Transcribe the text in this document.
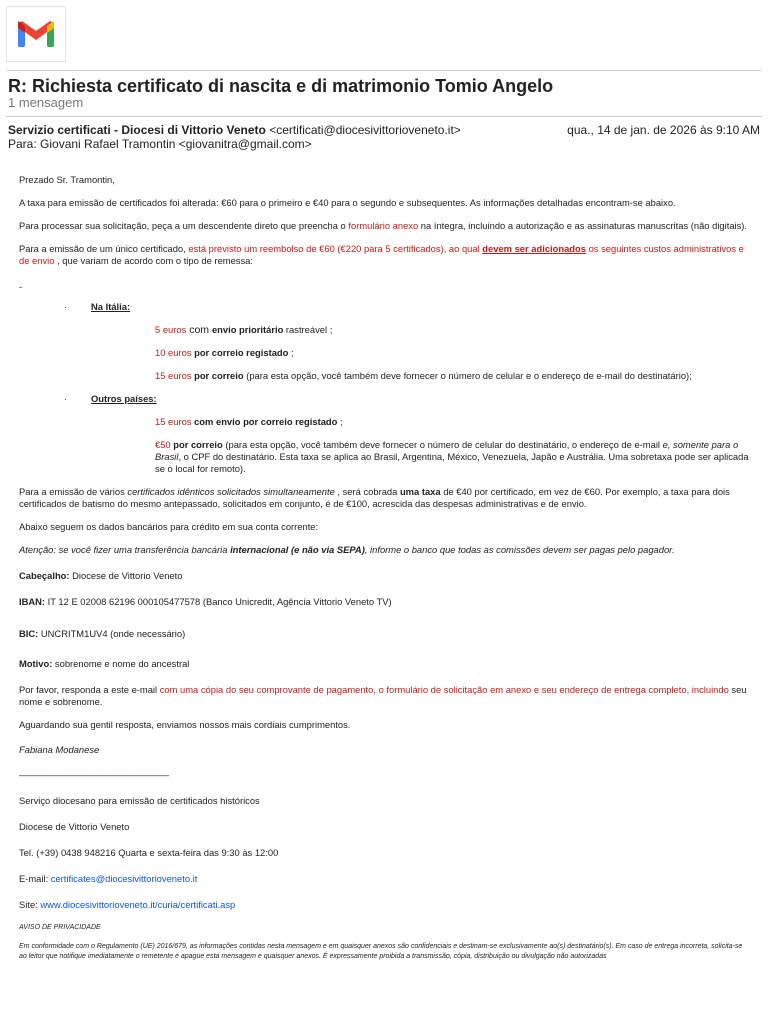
R: Richiesta certificato di nascita e di matrimonio Tomio Angelo
1 mensagem
Servizio certificati - Diocesi di Vittorio Veneto <certificati@diocesivittorioveneto.it>	qua., 14 de jan. de 2026 às 9:10 AM
Para: Giovani Rafael Tramontin <giovanitra@gmail.com>

Prezado Sr. Tramontin,

A taxa para emissão de certificados foi alterada: €60 para o primeiro e €40 para o segundo e subsequentes. As informações detalhadas encontram-se abaixo.

Para processar sua solicitação, peça a um descendente direto que preencha o formulário anexo na íntegra, incluindo a autorização e as assinaturas manuscritas (não digitais).

Para a emissão de um único certificado, está previsto um reembolso de €60 (€220 para 5 certificados), ao qual devem ser adicionados os seguintes custos administrativos e de envio , que variam de acordo com o tipo de remessa:

-

·	Na Itália:

5 euros com envio prioritário rastreável ;

10 euros por correio registado ;

15 euros por correio (para esta opção, você também deve fornecer o número de celular e o endereço de e-mail do destinatário);

·	Outros países:

15 euros com envio por correio registado ;

€50 por correio (para esta opção, você também deve fornecer o número de celular do destinatário, o endereço de e-mail e, somente para o Brasil, o CPF do destinatário. Esta taxa se aplica ao Brasil, Argentina, México, Venezuela, Japão e Austrália. Uma sobretaxa pode ser aplicada se o local for remoto).

Para a emissão de vários certificados idênticos solicitados simultaneamente , será cobrada uma taxa de €40 por certificado, em vez de €60. Por exemplo, a taxa para dois certificados de batismo do mesmo antepassado, solicitados em conjunto, é de €100, acrescida das despesas administrativas e de envio.

Abaixo seguem os dados bancários para crédito em sua conta corrente:

Atenção: se você fizer uma transferência bancária internacional (e não via SEPA), informe o banco que todas as comissões devem ser pagas pelo pagador.

Cabeçalho: Diocese de Vittorio Veneto

IBAN: IT 12 E 02008 62196 000105477578 (Banco Unicredit, Agência Vittorio Veneto TV)

BIC: UNCRITM1UV4 (onde necessário)

Motivo: sobrenome e nome do ancestral

Por favor, responda a este e-mail com uma cópia do seu comprovante de pagamento, o formulário de solicitação em anexo e seu endereço de entrega completo, incluindo seu nome e sobrenome.

Aguardando sua gentil resposta, enviamos nossos mais cordiais cumprimentos.

Fabiana Modanese

————————————————

Serviço diocesano para emissão de certificados históricos

Diocese de Vittorio Veneto

Tel. (+39) 0438 948216 Quarta e sexta-feira das 9:30 às 12:00

E-mail: certificates@diocesivittorioveneto.it

Site: www.diocesivittorioveneto.it/curia/certificati.asp

AVISO DE PRIVACIDADE

Em conformidade com o Regulamento (UE) 2016/679, as informações contidas nesta mensagem e em quaisquer anexos são confidenciais e destinam-se exclusivamente ao(s) destinatário(s). Em caso de entrega incorreta, solicita-se ao leitor que notifique imediatamente o remetente e apague esta mensagem e quaisquer anexos. É expressamente proibida a transmissão, cópia, distribuição ou divulgação não autorizadas
